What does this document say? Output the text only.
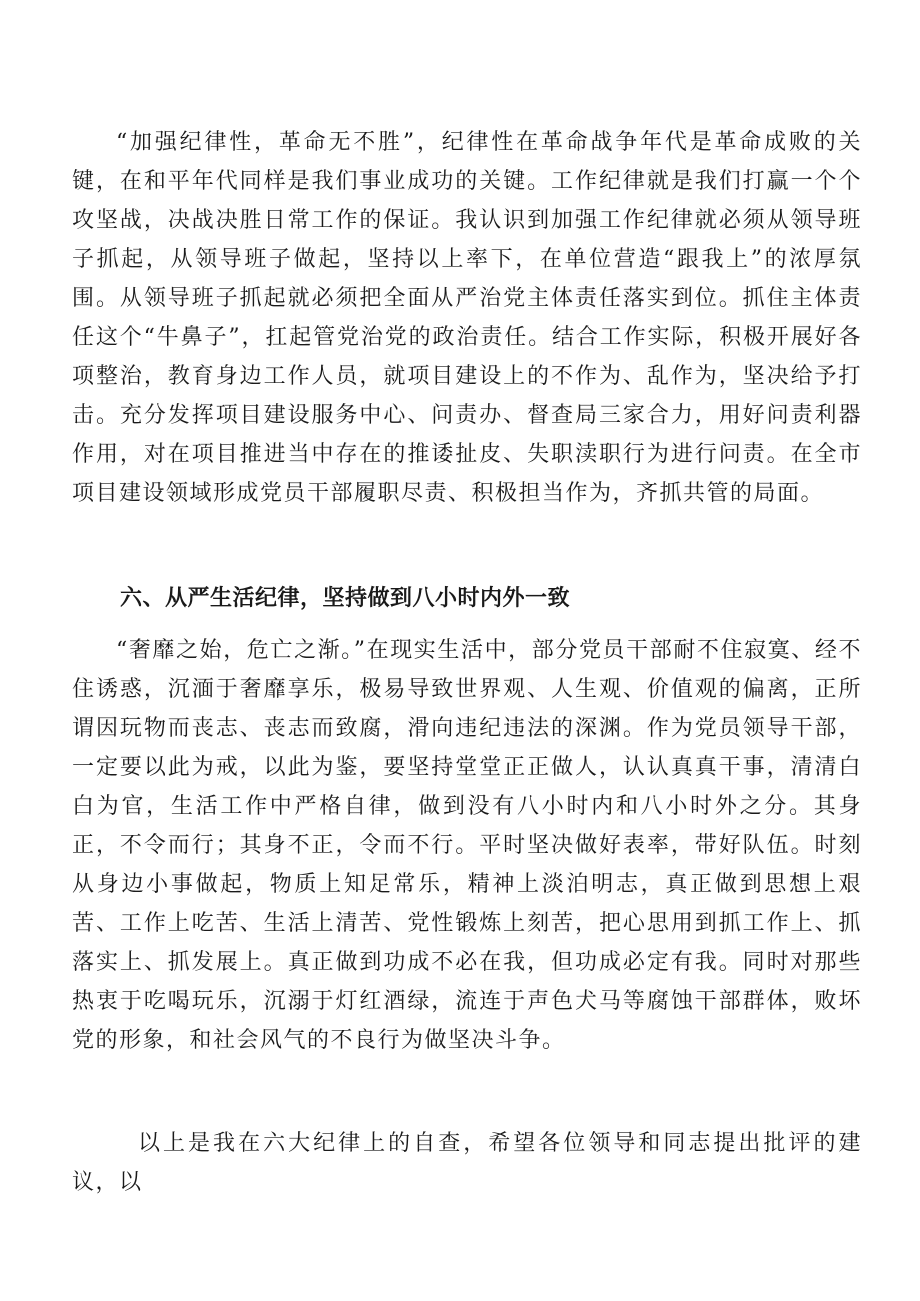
“加强纪律性，革命无不胜”，纪律性在革命战争年代是革命成败的关键，在和平年代同样是我们事业成功的关键。工作纪律就是我们打赢一个个攻坚战，决战决胜日常工作的保证。我认识到加强工作纪律就必须从领导班子抓起，从领导班子做起，坚持以上率下，在单位营造“跟我上”的浓厚氛围。从领导班子抓起就必须把全面从严治党主体责任落实到位。抓住主体责任这个“牛鼻子”，扛起管党治党的政治责任。结合工作实际，积极开展好各项整治，教育身边工作人员，就项目建设上的不作为、乱作为，坚决给予打击。充分发挥项目建设服务中心、问责办、督查局三家合力，用好问责利器作用，对在项目推进当中存在的推诿扯皮、失职渎职行为进行问责。在全市项目建设领域形成党员干部履职尽责、积极担当作为，齐抓共管的局面。

六、从严生活纪律，坚持做到八小时内外一致

“奢靡之始，危亡之渐。”在现实生活中，部分党员干部耐不住寂寞、经不住诱惑，沉湎于奢靡享乐，极易导致世界观、人生观、价值观的偏离，正所谓因玩物而丧志、丧志而致腐，滑向违纪违法的深渊。作为党员领导干部，一定要以此为戒，以此为鉴，要坚持堂堂正正做人，认认真真干事，清清白白为官，生活工作中严格自律，做到没有八小时内和八小时外之分。其身正，不令而行；其身不正，令而不行。平时坚决做好表率，带好队伍。时刻从身边小事做起，物质上知足常乐，精神上淡泊明志，真正做到思想上艰苦、工作上吃苦、生活上清苦、党性锻炼上刻苦，把心思用到抓工作上、抓落实上、抓发展上。真正做到功成不必在我，但功成必定有我。同时对那些热衷于吃喝玩乐，沉溺于灯红酒绿，流连于声色犬马等腐蚀干部群体，败坏党的形象，和社会风气的不良行为做坚决斗争。

以上是我在六大纪律上的自查，希望各位领导和同志提出批评的建议，以
